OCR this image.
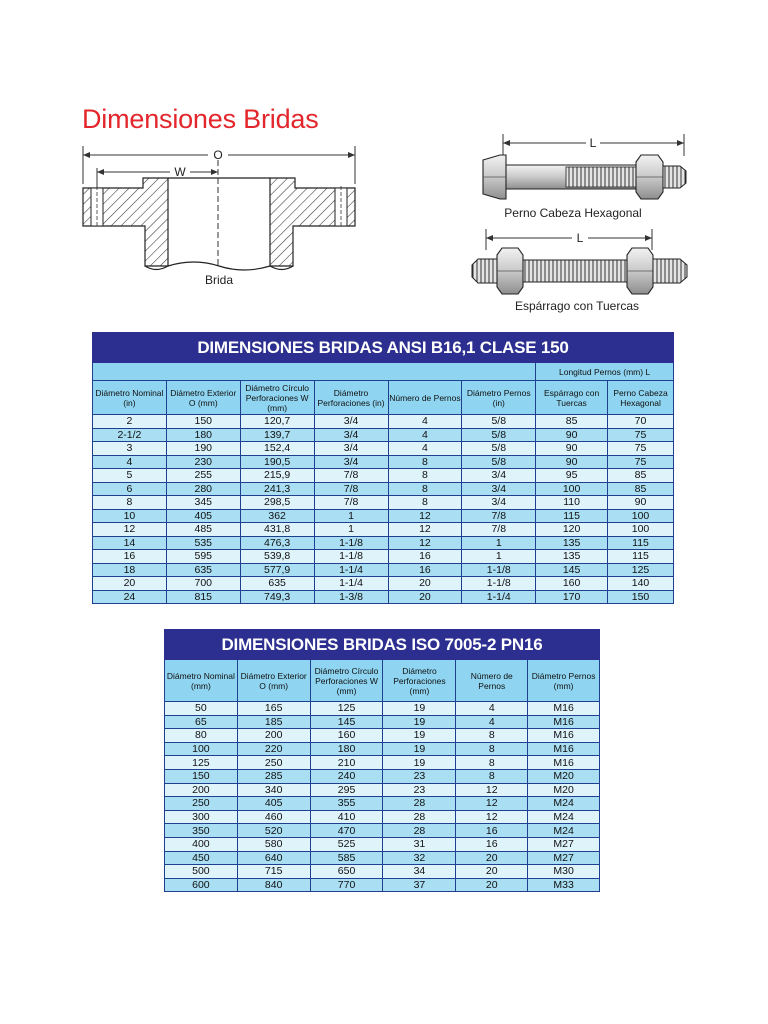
Dimensiones Bridas
O
W
Brida
L
Perno Cabeza Hexagonal
L
Espárrago con Tuercas
DIMENSIONES BRIDAS ANSI B16,1 CLASE 150							
						Longitud Pernos (mm) L	
Diámetro Nominal (in)	Diámetro Exterior O (mm)	Diámetro Círculo Perforaciones W (mm)	Diámetro Perforaciones (in)	Número de Pernos	Diámetro Pernos (in)	Espárrago con Tuercas	Perno Cabeza Hexagonal
2	150	120,7	3/4	4	5/8	85	70
2-1/2	180	139,7	3/4	4	5/8	90	75
3	190	152,4	3/4	4	5/8	90	75
4	230	190,5	3/4	8	5/8	90	75
5	255	215,9	7/8	8	3/4	95	85
6	280	241,3	7/8	8	3/4	100	85
8	345	298,5	7/8	8	3/4	110	90
10	405	362	1	12	7/8	115	100
12	485	431,8	1	12	7/8	120	100
14	535	476,3	1-1/8	12	1	135	115
16	595	539,8	1-1/8	16	1	135	115
18	635	577,9	1-1/4	16	1-1/8	145	125
20	700	635	1-1/4	20	1-1/8	160	140
24	815	749,3	1-3/8	20	1-1/4	170	150
DIMENSIONES BRIDAS ISO 7005-2 PN16					
Diámetro Nominal (mm)	Diámetro Exterior O (mm)	Diámetro Círculo Perforaciones W (mm)	Diámetro Perforaciones (mm)	Número de Pernos	Diámetro Pernos (mm)
50	165	125	19	4	M16
65	185	145	19	4	M16
80	200	160	19	8	M16
100	220	180	19	8	M16
125	250	210	19	8	M16
150	285	240	23	8	M20
200	340	295	23	12	M20
250	405	355	28	12	M24
300	460	410	28	12	M24
350	520	470	28	16	M24
400	580	525	31	16	M27
450	640	585	32	20	M27
500	715	650	34	20	M30
600	840	770	37	20	M33
